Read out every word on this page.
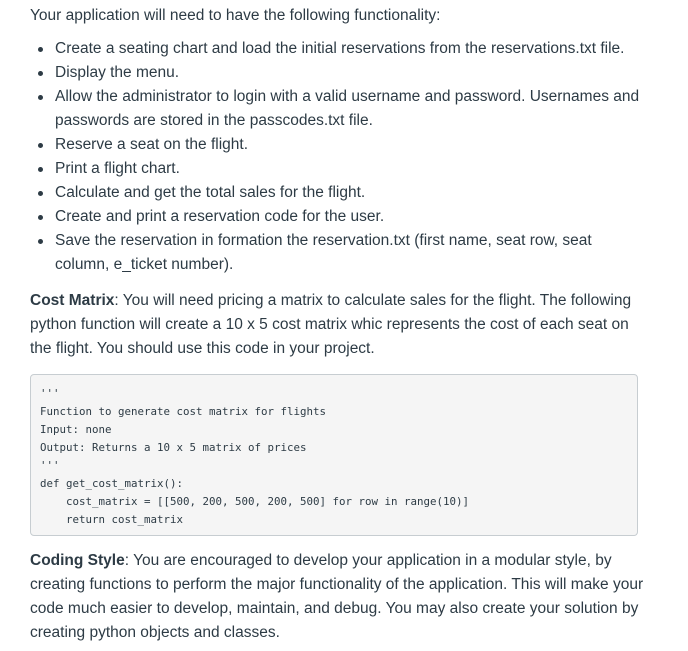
Your application will need to have the following functionality:

Create a seating chart and load the initial reservations from the reservations.txt file.
Display the menu.
Allow the administrator to login with a valid username and password. Usernames and passwords are stored in the passcodes.txt file.
Reserve a seat on the flight.
Print a flight chart.
Calculate and get the total sales for the flight.
Create and print a reservation code for the user.
Save the reservation in formation the reservation.txt (first name, seat row, seat column, e_ticket number).

Cost Matrix: You will need pricing a matrix to calculate sales for the flight. The following python function will create a 10 x 5 cost matrix whic represents the cost of each seat on the flight. You should use this code in your project.

'''
Function to generate cost matrix for flights
Input: none
Output: Returns a 10 x 5 matrix of prices
'''
def get_cost_matrix():
cost_matrix = [[500, 200, 500, 200, 500] for row in range(10)]
return cost_matrix

Coding Style: You are encouraged to develop your application in a modular style, by creating functions to perform the major functionality of the application. This will make your code much easier to develop, maintain, and debug. You may also create your solution by creating python objects and classes.
